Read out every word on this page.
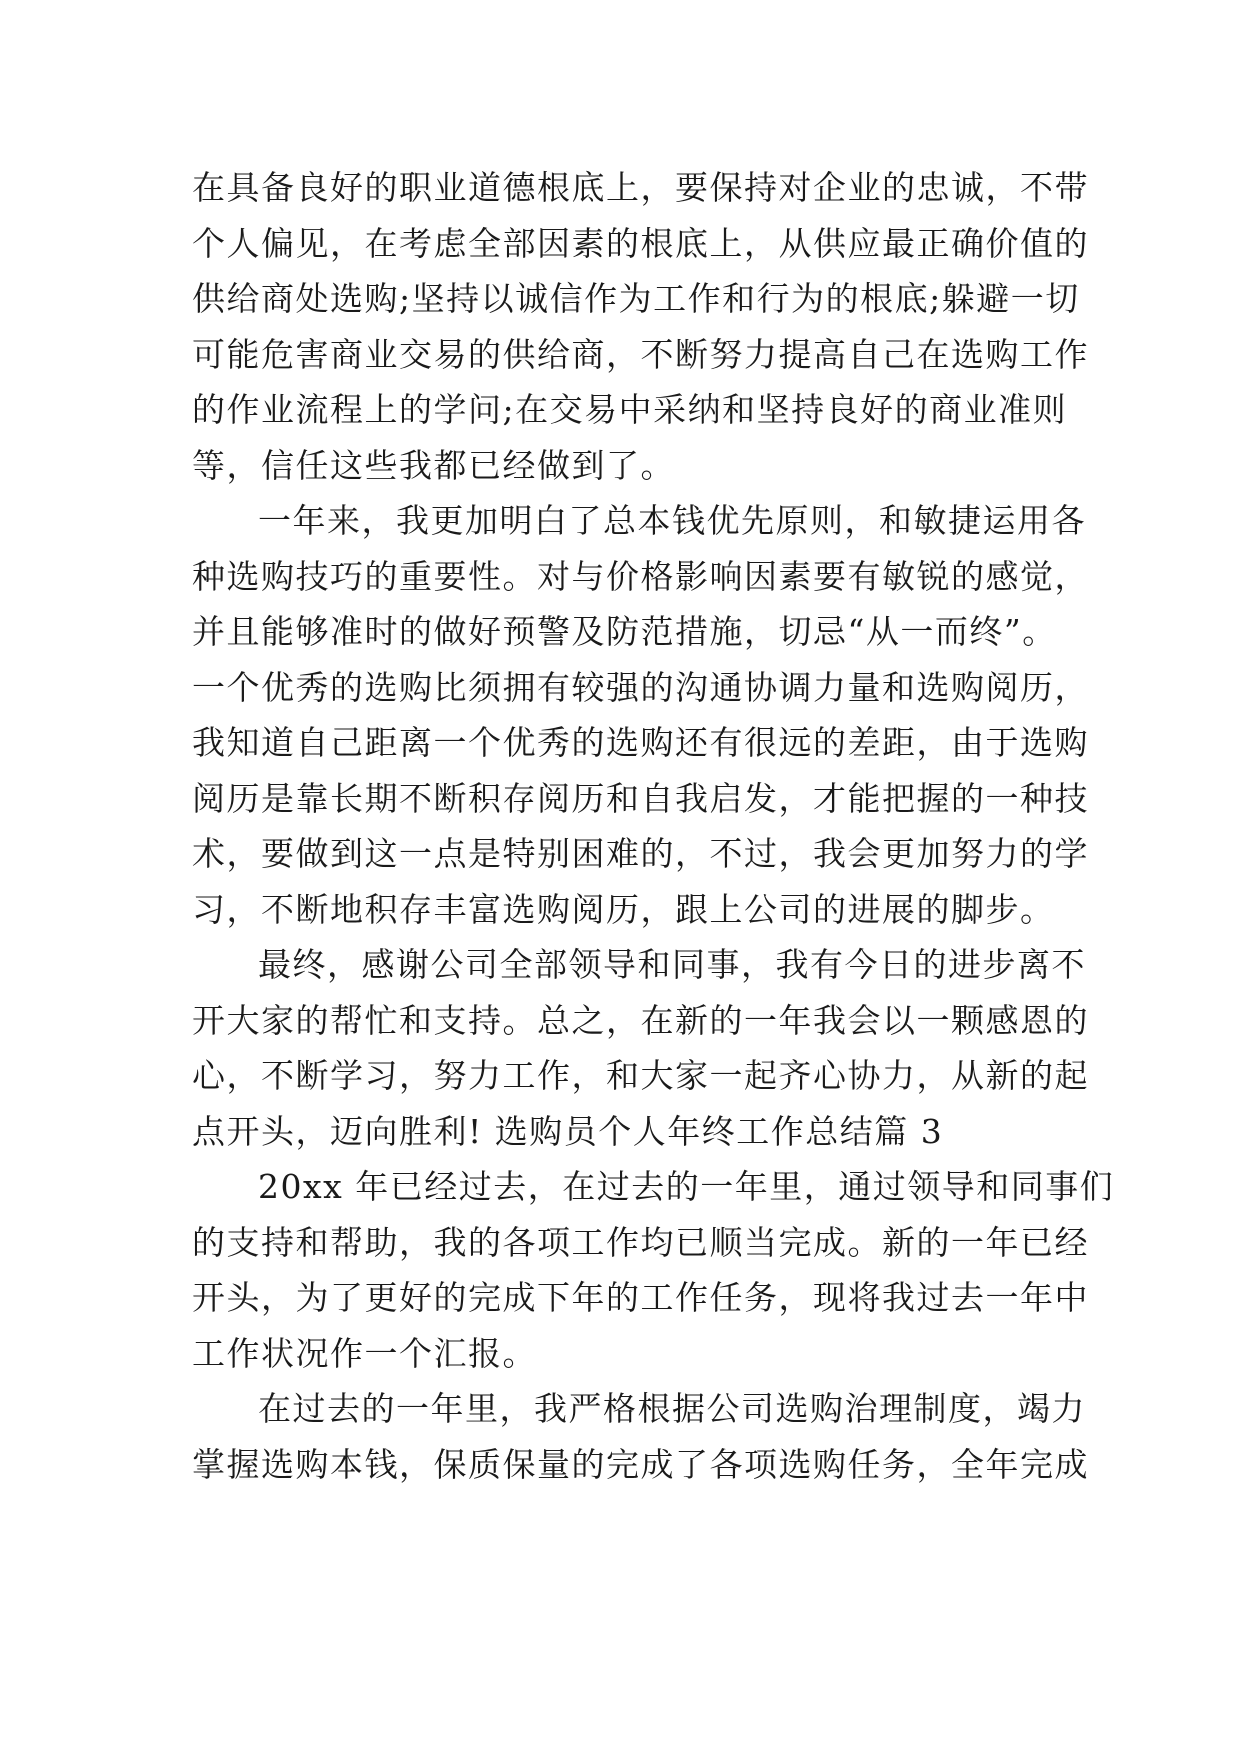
在具备良好的职业道德根底上，要保持对企业的忠诚，不带
个人偏见，在考虑全部因素的根底上，从供应最正确价值的
供给商处选购;坚持以诚信作为工作和行为的根底;躲避一切
可能危害商业交易的供给商，不断努力提高自己在选购工作
的作业流程上的学问;在交易中采纳和坚持良好的商业准则
等，信任这些我都已经做到了。
一年来，我更加明白了总本钱优先原则，和敏捷运用各
种选购技巧的重要性。对与价格影响因素要有敏锐的感觉，
并且能够准时的做好预警及防范措施，切忌“从一而终”。
一个优秀的选购比须拥有较强的沟通协调力量和选购阅历，
我知道自己距离一个优秀的选购还有很远的差距，由于选购
阅历是靠长期不断积存阅历和自我启发，才能把握的一种技
术，要做到这一点是特别困难的，不过，我会更加努力的学
习，不断地积存丰富选购阅历，跟上公司的进展的脚步。
最终，感谢公司全部领导和同事，我有今日的进步离不
开大家的帮忙和支持。总之，在新的一年我会以一颗感恩的
心，不断学习，努力工作，和大家一起齐心协力，从新的起
点开头，迈向胜利! 选购员个人年终工作总结篇 3
20xx 年已经过去，在过去的一年里，通过领导和同事们
的支持和帮助，我的各项工作均已顺当完成。新的一年已经
开头，为了更好的完成下年的工作任务，现将我过去一年中
工作状况作一个汇报。
在过去的一年里，我严格根据公司选购治理制度，竭力
掌握选购本钱，保质保量的完成了各项选购任务，全年完成
